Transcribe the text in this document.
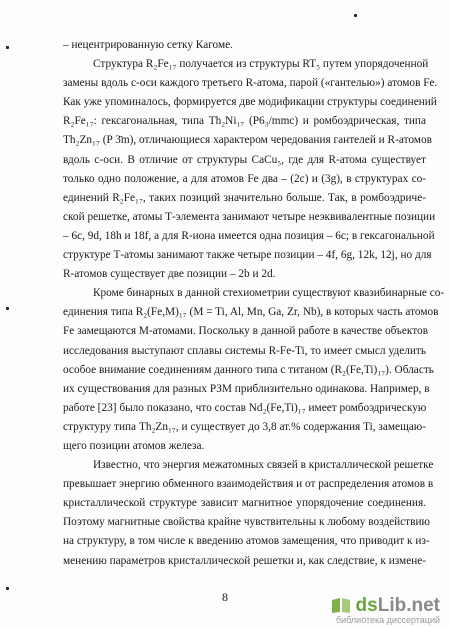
– нецентрированную сетку Кагоме.
Структура R₂Fe₁₇ получается из структуры RT₅ путем упорядоченной
замены вдоль c-оси каждого третьего R-атома, парой («гантелью») атомов Fe.
Как уже упоминалось, формируется две модификации структуры соединений
R₂Fe₁₇: гексагональная, типа Th₂Ni₁₇ (P6₃/mmc) и ромбоэдрическая, типа
Th₂Zn₁₇ (P 3̄m), отличающиеся характером чередования гантелей и R-атомов
вдоль c-оси. В отличие от структуры CaCu₅, где для R-атома существует
только одно положение, а для атомов Fe два – (2c) и (3g), в структурах со-
единений R₂Fe₁₇, таких позиций значительно больше. Так, в ромбоэдриче-
ской решетке, атомы Т-элемента занимают четыре неэквивалентные позиции
– 6c, 9d, 18h и 18f, а для R-иона имеется одна позиция – 6c; в гексагональной
структуре Т-атомы занимают также четыре позиции – 4f, 6g, 12k, 12j, но для
R-атомов существует две позиции – 2b и 2d.
Кроме бинарных в данной стехиометрии существуют квазибинарные со-
единения типа R₂(Fe,M)₁₇ (M = Ti, Al, Mn, Ga, Zr, Nb), в которых часть атомов
Fe замещаются М-атомами. Поскольку в данной работе в качестве объектов
исследования выступают сплавы системы R-Fe-Ti, то имеет смысл уделить
особое внимание соединениям данного типа с титаном (R₂(Fe,Ti)₁₇). Область
их существования для разных РЗМ приблизительно одинакова. Например, в
работе [23] было показано, что состав Nd₂(Fe,Ti)₁₇ имеет ромбоэдрическую
структуру типа Th₂Zn₁₇, и существует до 3,8 ат.% содержания Ti, замещаю-
щего позиции атомов железа.
Известно, что энергия межатомных связей в кристаллической решетке
превышает энергию обменного взаимодействия и от распределения атомов в
кристаллической структуре зависит магнитное упорядочение соединения.
Поэтому магнитные свойства крайне чувствительны к любому воздействию
на структуру, в том числе к введению атомов замещения, что приводит к из-
менению параметров кристаллической решетки и, как следствие, к измене-
8	dsLib.net
библиотека диссертаций
